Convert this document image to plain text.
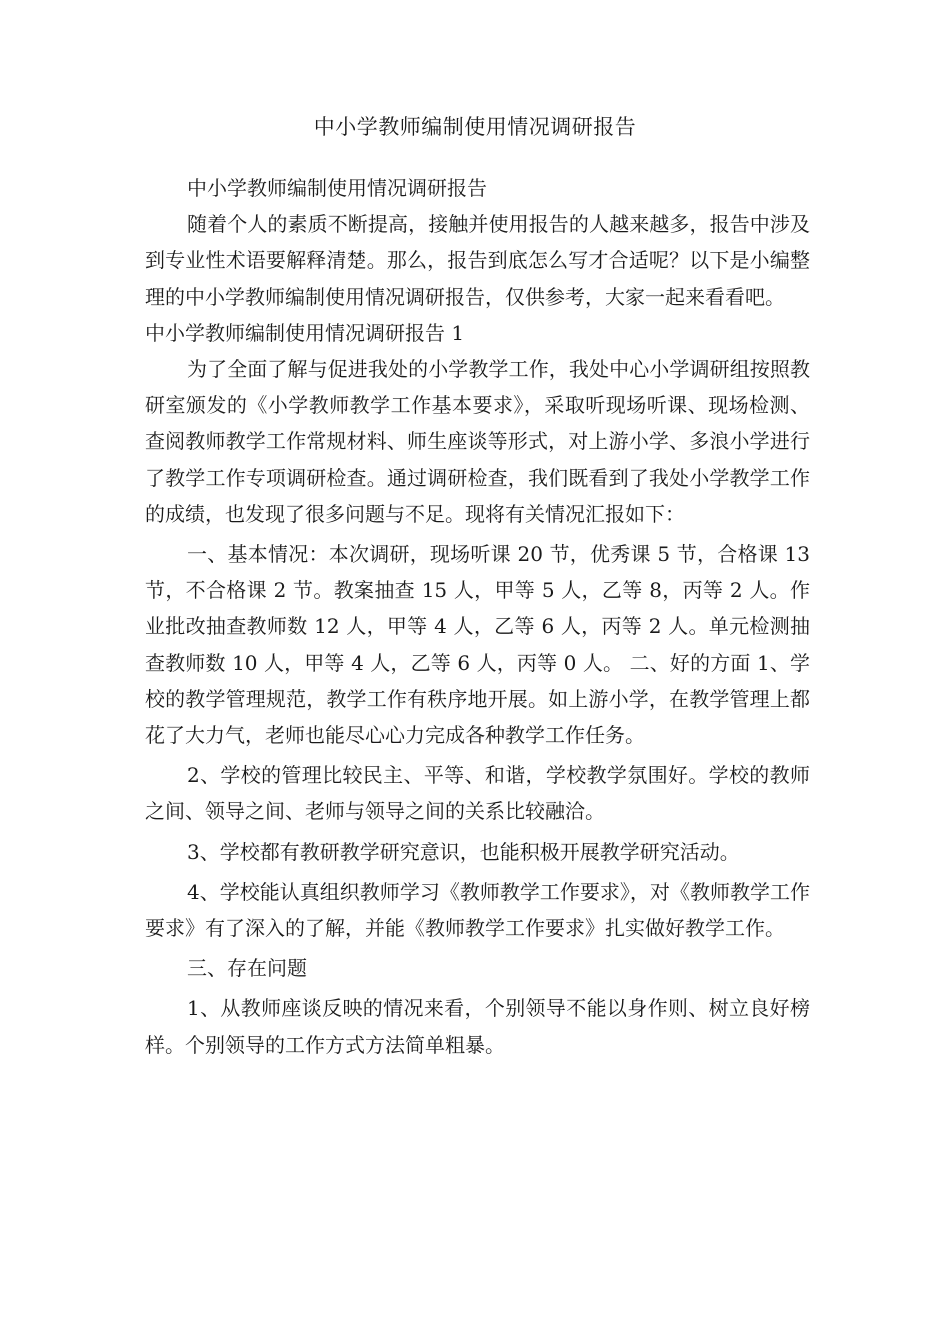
中小学教师编制使用情况调研报告

中小学教师编制使用情况调研报告

随着个人的素质不断提高，接触并使用报告的人越来越多，报告中涉及到专业性术语要解释清楚。那么，报告到底怎么写才合适呢？以下是小编整理的中小学教师编制使用情况调研报告，仅供参考，大家一起来看看吧。

中小学教师编制使用情况调研报告 1

为了全面了解与促进我处的小学教学工作，我处中心小学调研组按照教研室颁发的《小学教师教学工作基本要求》，采取听现场听课、现场检测、查阅教师教学工作常规材料、师生座谈等形式，对上游小学、多浪小学进行了教学工作专项调研检查。通过调研检查，我们既看到了我处小学教学工作的成绩，也发现了很多问题与不足。现将有关情况汇报如下：

一、基本情况：本次调研，现场听课 20 节，优秀课 5 节，合格课 13 节，不合格课 2 节。教案抽查 15 人，甲等 5 人，乙等 8，丙等 2 人。作业批改抽查教师数 12 人，甲等 4 人，乙等 6 人，丙等 2 人。单元检测抽查教师数 10 人，甲等 4 人，乙等 6 人，丙等 0 人。 二、好的方面 1、学校的教学管理规范，教学工作有秩序地开展。如上游小学，在教学管理上都花了大力气，老师也能尽心心力完成各种教学工作任务。

2、学校的管理比较民主、平等、和谐，学校教学氛围好。学校的教师之间、领导之间、老师与领导之间的关系比较融洽。

3、学校都有教研教学研究意识，也能积极开展教学研究活动。

4、学校能认真组织教师学习《教师教学工作要求》，对《教师教学工作要求》有了深入的了解，并能《教师教学工作要求》扎实做好教学工作。

三、存在问题

1、从教师座谈反映的情况来看，个别领导不能以身作则、树立良好榜样。个别领导的工作方式方法简单粗暴。
